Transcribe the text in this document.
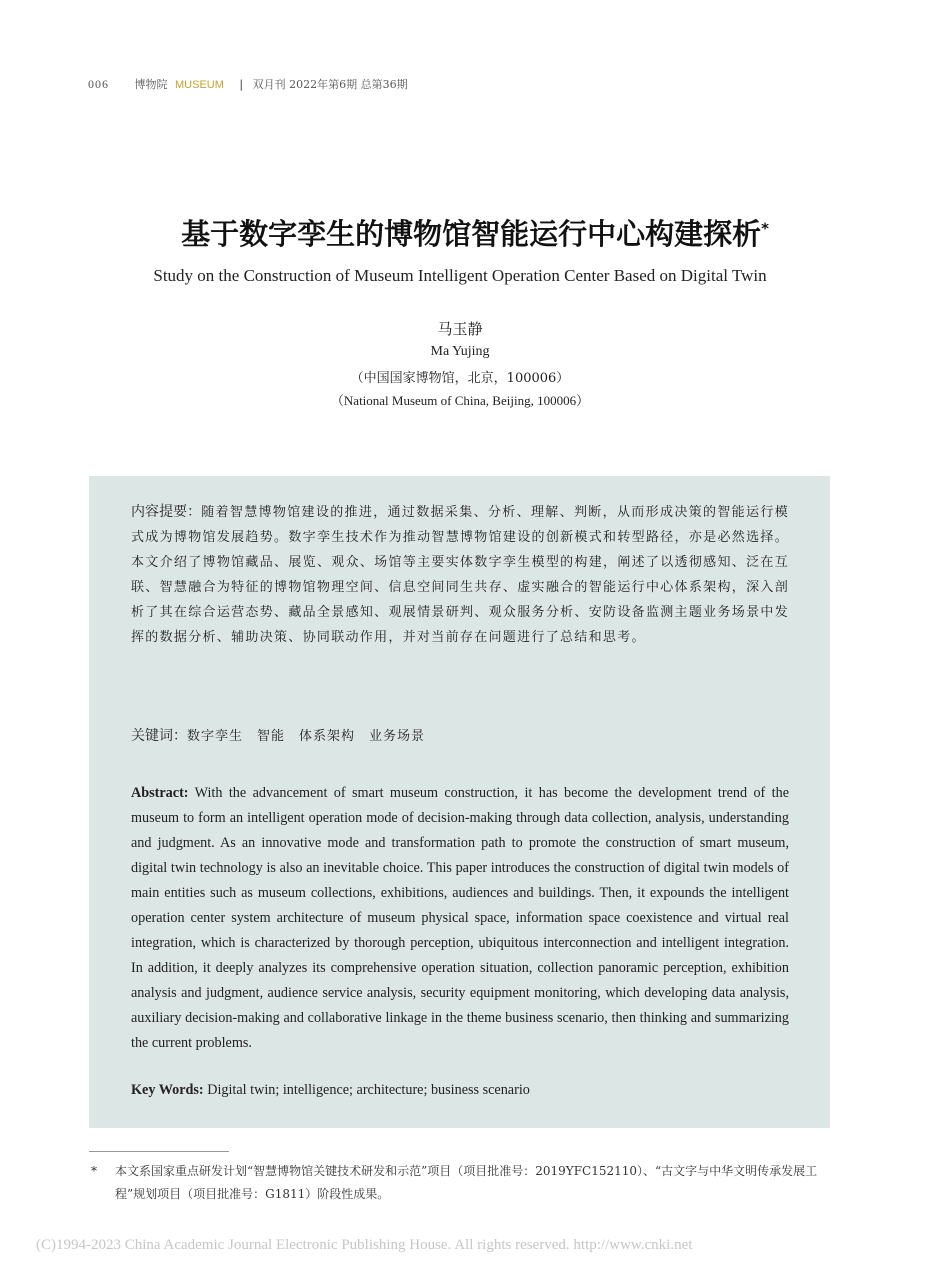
006 博物院 MUSEUM | 双月刊 2022年第6期 总第36期
基于数字孪生的博物馆智能运行中心构建探析*
Study on the Construction of Museum Intelligent Operation Center Based on Digital Twin
马玉静
Ma Yujing
（中国国家博物馆，北京，100006）
（National Museum of China, Beijing, 100006）
内容提要：随着智慧博物馆建设的推进，通过数据采集、分析、理解、判断，从而形成决策的智能运行模式成为博物馆发展趋势。数字孪生技术作为推动智慧博物馆建设的创新模式和转型路径，亦是必然选择。本文介绍了博物馆藏品、展览、观众、场馆等主要实体数字孪生模型的构建，阐述了以透彻感知、泛在互联、智慧融合为特征的博物馆物理空间、信息空间同生共存、虚实融合的智能运行中心体系架构，深入剖析了其在综合运营态势、藏品全景感知、观展情景研判、观众服务分析、安防设备监测主题业务场景中发挥的数据分析、辅助决策、协同联动作用，并对当前存在问题进行了总结和思考。
关键词：数字孪生 智能 体系架构 业务场景
Abstract: With the advancement of smart museum construction, it has become the development trend of the museum to form an intelligent operation mode of decision-making through data collection, analysis, understanding and judgment. As an innovative mode and transformation path to promote the construction of smart museum, digital twin technology is also an inevitable choice. This paper introduces the construction of digital twin models of main entities such as museum collections, exhibitions, audiences and buildings. Then, it expounds the intelligent operation center system architecture of museum physical space, information space coexistence and virtual real integration, which is characterized by thorough perception, ubiquitous interconnection and intelligent integration. In addition, it deeply analyzes its comprehensive operation situation, collection panoramic perception, exhibition analysis and judgment, audience service analysis, security equipment monitoring, which developing data analysis, auxiliary decision-making and collaborative linkage in the theme business scenario, then thinking and summarizing the current problems.
Key Words: Digital twin; intelligence; architecture; business scenario
* 本文系国家重点研发计划“智慧博物馆关键技术研发和示范”项目（项目批准号：2019YFC152110）、“古文字与中华文明传承发展工程”规划项目（项目批准号：G1811）阶段性成果。
(C)1994-2023 China Academic Journal Electronic Publishing House. All rights reserved. http://www.cnki.net
